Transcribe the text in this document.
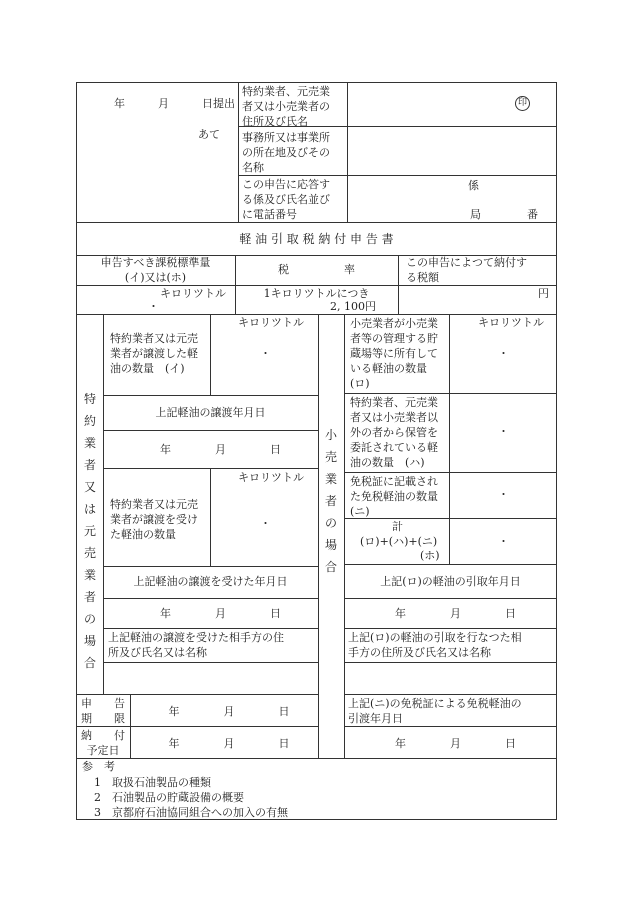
年　　　月　　　日提出
あて
特約業者、元売業
者又は小売業者の
住所及び氏名
印
事務所又は事業所
の所在地及びその
名称
この申告に応答す
る係及び氏名並び
に電話番号
係
局	番
軽 油 引 取 税 納 付 申 告 書
申告すべき課税標準量
(イ)又は(ホ)
税　　　　　率
この申告によつて納付す
る税額
キロリツトル
・
1キロリツトルにつき
2, 100円
円
特
約
業
者
又
は
元
売
業
者
の
場
合
特約業者又は元売
業者が譲渡した軽
油の数量　(イ)
キロリツトル
・
上記軽油の譲渡年月日
年　　　　月　　　　日
特約業者又は元売
業者が譲渡を受け
た軽油の数量
キロリツトル
・
上記軽油の譲渡を受けた年月日
年　　　　月　　　　日
上記軽油の譲渡を受けた相手方の住
所及び氏名又は名称
小
売
業
者
の
場
合
小売業者が小売業
者等の管理する貯
蔵場等に所有して
いる軽油の数量
(ロ)
キロリツトル
・
特約業者、元売業
者又は小売業者以
外の者から保管を
委託されている軽
油の数量　(ハ)
・
免税証に記載され
た免税軽油の数量
(ニ)
・
計
(ロ)+(ハ)+(ニ)
(ホ)
・
上記(ロ)の軽油の引取年月日
年　　　　月　　　　日
上記(ロ)の軽油の引取を行なつた相
手方の住所及び氏名又は名称
上記(ニ)の免税証による免税軽油の
引渡年月日
年　　　　月　　　　日
申　　告
期　　限
年　　　　月　　　　日
納　　付
予定日
年　　　　月　　　　日
参　考
1　取扱石油製品の種類
2　石油製品の貯蔵設備の概要
3　京都府石油協同組合への加入の有無
